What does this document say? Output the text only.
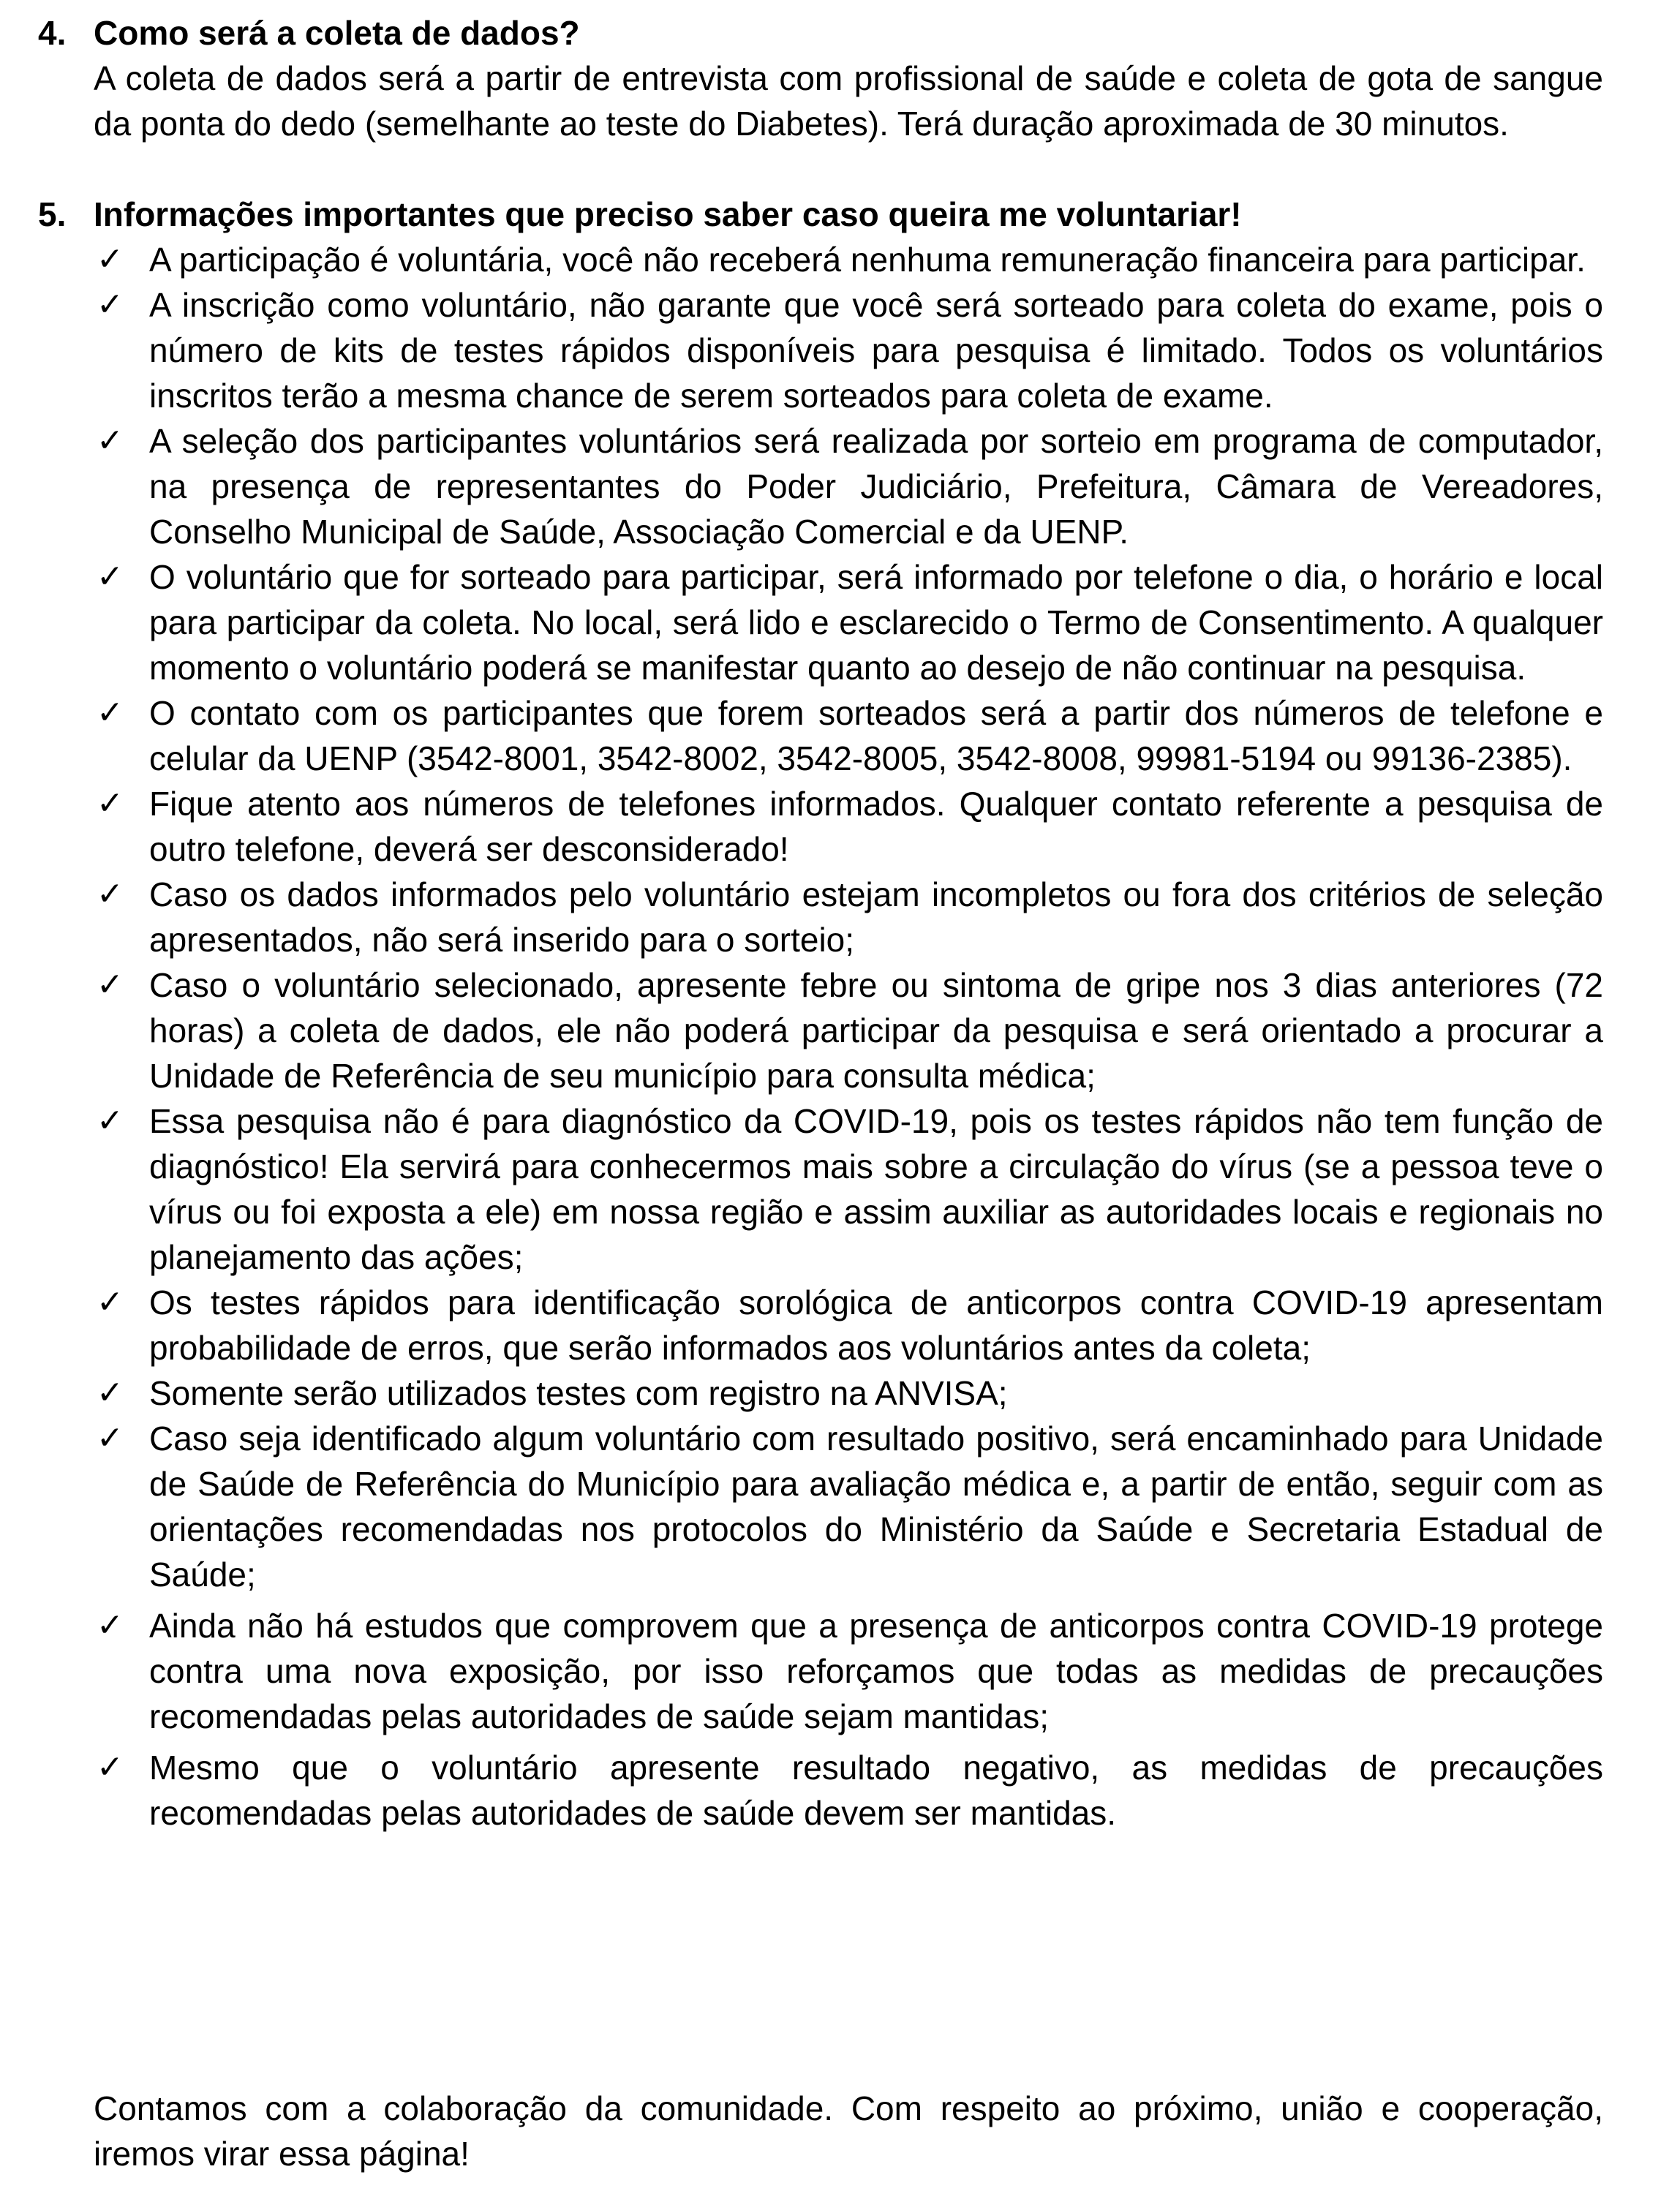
4. Como será a coleta de dados?
A coleta de dados será a partir de entrevista com profissional de saúde e coleta de gota de sangue da ponta do dedo (semelhante ao teste do Diabetes). Terá duração aproximada de 30 minutos.
5. Informações importantes que preciso saber caso queira me voluntariar!
✓ A participação é voluntária, você não receberá nenhuma remuneração financeira para participar.
✓ A inscrição como voluntário, não garante que você será sorteado para coleta do exame, pois o número de kits de testes rápidos disponíveis para pesquisa é limitado. Todos os voluntários inscritos terão a mesma chance de serem sorteados para coleta de exame.
✓ A seleção dos participantes voluntários será realizada por sorteio em programa de computador, na presença de representantes do Poder Judiciário, Prefeitura, Câmara de Vereadores, Conselho Municipal de Saúde, Associação Comercial e da UENP.
✓ O voluntário que for sorteado para participar, será informado por telefone o dia, o horário e local para participar da coleta. No local, será lido e esclarecido o Termo de Consentimento. A qualquer momento o voluntário poderá se manifestar quanto ao desejo de não continuar na pesquisa.
✓ O contato com os participantes que forem sorteados será a partir dos números de telefone e celular da UENP (3542-8001, 3542-8002, 3542-8005, 3542-8008, 99981-5194 ou 99136-2385).
✓ Fique atento aos números de telefones informados. Qualquer contato referente a pesquisa de outro telefone, deverá ser desconsiderado!
✓ Caso os dados informados pelo voluntário estejam incompletos ou fora dos critérios de seleção apresentados, não será inserido para o sorteio;
✓ Caso o voluntário selecionado, apresente febre ou sintoma de gripe nos 3 dias anteriores (72 horas) a coleta de dados, ele não poderá participar da pesquisa e será orientado a procurar a Unidade de Referência de seu município para consulta médica;
✓ Essa pesquisa não é para diagnóstico da COVID-19, pois os testes rápidos não tem função de diagnóstico! Ela servirá para conhecermos mais sobre a circulação do vírus (se a pessoa teve o vírus ou foi exposta a ele) em nossa região e assim auxiliar as autoridades locais e regionais no planejamento das ações;
✓ Os testes rápidos para identificação sorológica de anticorpos contra COVID-19 apresentam probabilidade de erros, que serão informados aos voluntários antes da coleta;
✓ Somente serão utilizados testes com registro na ANVISA;
✓ Caso seja identificado algum voluntário com resultado positivo, será encaminhado para Unidade de Saúde de Referência do Município para avaliação médica e, a partir de então, seguir com as orientações recomendadas nos protocolos do Ministério da Saúde e Secretaria Estadual de Saúde;
✓ Ainda não há estudos que comprovem que a presença de anticorpos contra COVID-19 protege contra uma nova exposição, por isso reforçamos que todas as medidas de precauções recomendadas pelas autoridades de saúde sejam mantidas;
✓ Mesmo que o voluntário apresente resultado negativo, as medidas de precauções recomendadas pelas autoridades de saúde devem ser mantidas.
Contamos com a colaboração da comunidade. Com respeito ao próximo, união e cooperação, iremos virar essa página!
